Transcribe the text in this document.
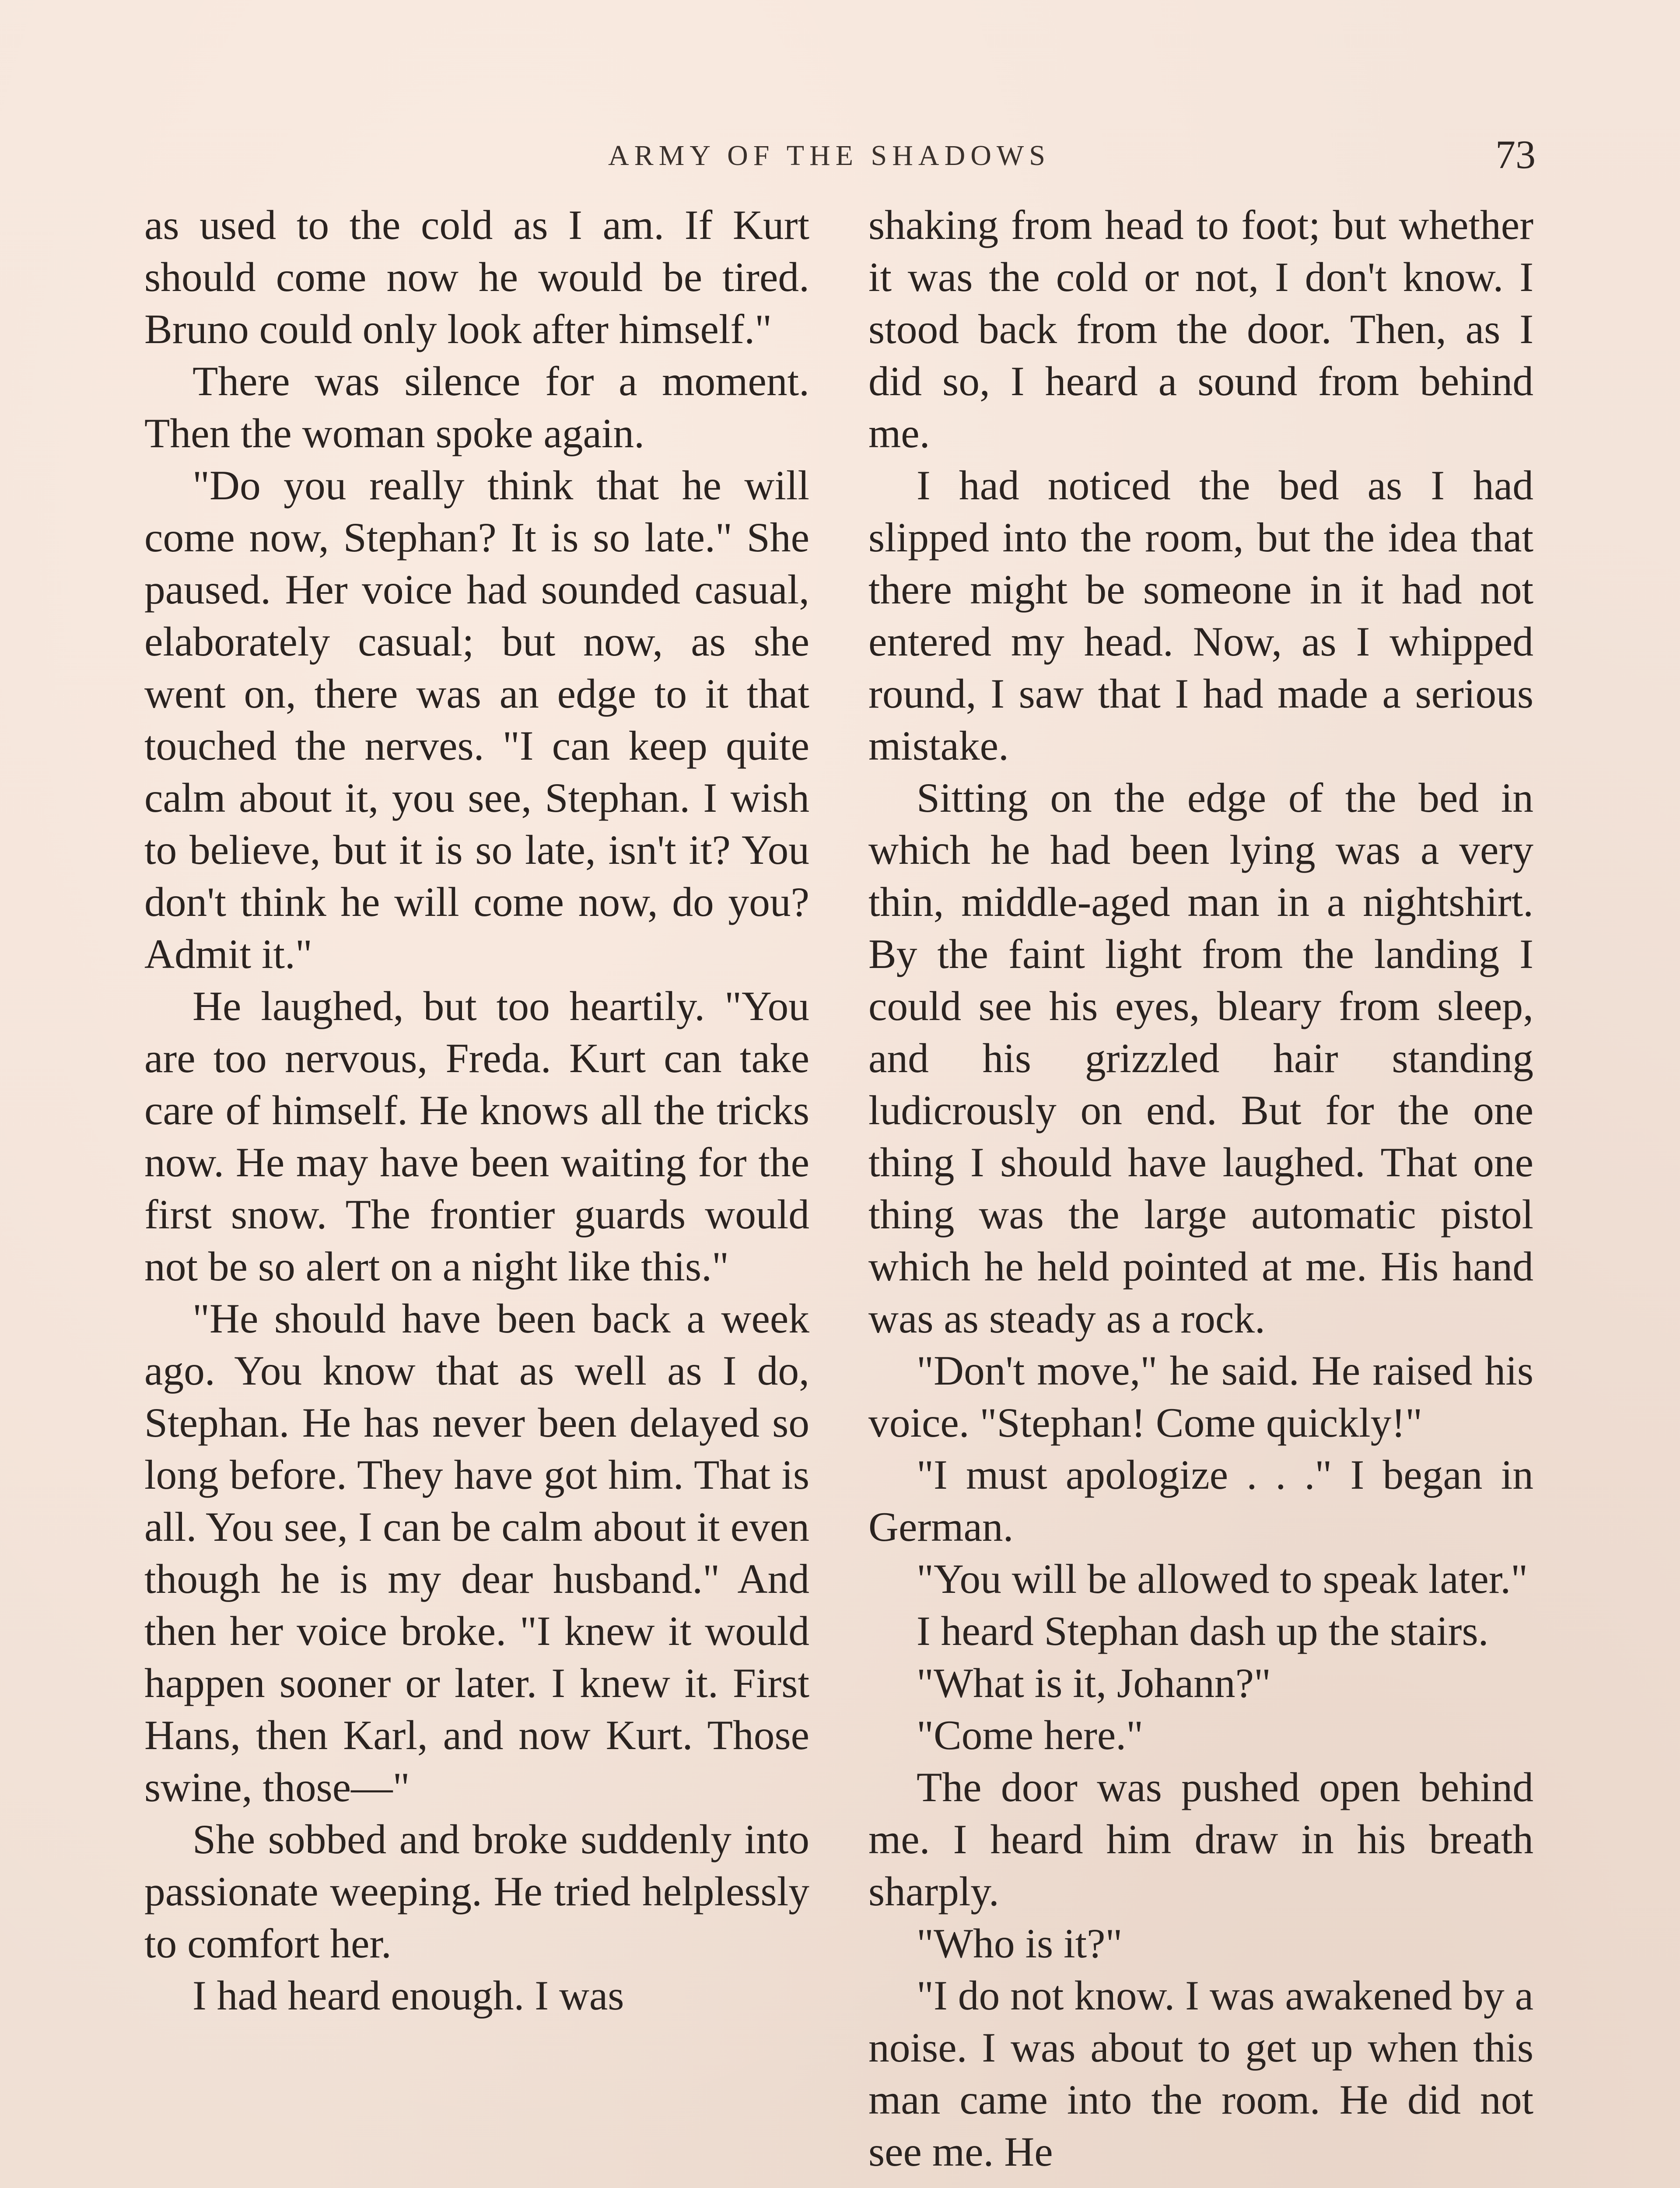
ARMY OF THE SHADOWS	73

as used to the cold as I am. If Kurt should come now he would be tired. Bruno could only look after himself."

There was silence for a moment. Then the woman spoke again.

"Do you really think that he will come now, Stephan? It is so late." She paused. Her voice had sounded casual, elaborately casual; but now, as she went on, there was an edge to it that touched the nerves. "I can keep quite calm about it, you see, Stephan. I wish to believe, but it is so late, isn't it? You don't think he will come now, do you? Admit it."

He laughed, but too heartily. "You are too nervous, Freda. Kurt can take care of himself. He knows all the tricks now. He may have been waiting for the first snow. The frontier guards would not be so alert on a night like this."

"He should have been back a week ago. You know that as well as I do, Stephan. He has never been delayed so long before. They have got him. That is all. You see, I can be calm about it even though he is my dear husband." And then her voice broke. "I knew it would happen sooner or later. I knew it. First Hans, then Karl, and now Kurt. Those swine, those—"

She sobbed and broke suddenly into passionate weeping. He tried helplessly to comfort her.

I had heard enough. I was

shaking from head to foot; but whether it was the cold or not, I don't know. I stood back from the door. Then, as I did so, I heard a sound from behind me.

I had noticed the bed as I had slipped into the room, but the idea that there might be someone in it had not entered my head. Now, as I whipped round, I saw that I had made a serious mistake.

Sitting on the edge of the bed in which he had been lying was a very thin, middle-aged man in a nightshirt. By the faint light from the landing I could see his eyes, bleary from sleep, and his grizzled hair standing ludicrously on end. But for the one thing I should have laughed. That one thing was the large automatic pistol which he held pointed at me. His hand was as steady as a rock.

"Don't move," he said. He raised his voice. "Stephan! Come quickly!"

"I must apologize . . ." I began in German.

"You will be allowed to speak later."

I heard Stephan dash up the stairs.

"What is it, Johann?"

"Come here."

The door was pushed open behind me. I heard him draw in his breath sharply.

"Who is it?"

"I do not know. I was awakened by a noise. I was about to get up when this man came into the room. He did not see me. He
